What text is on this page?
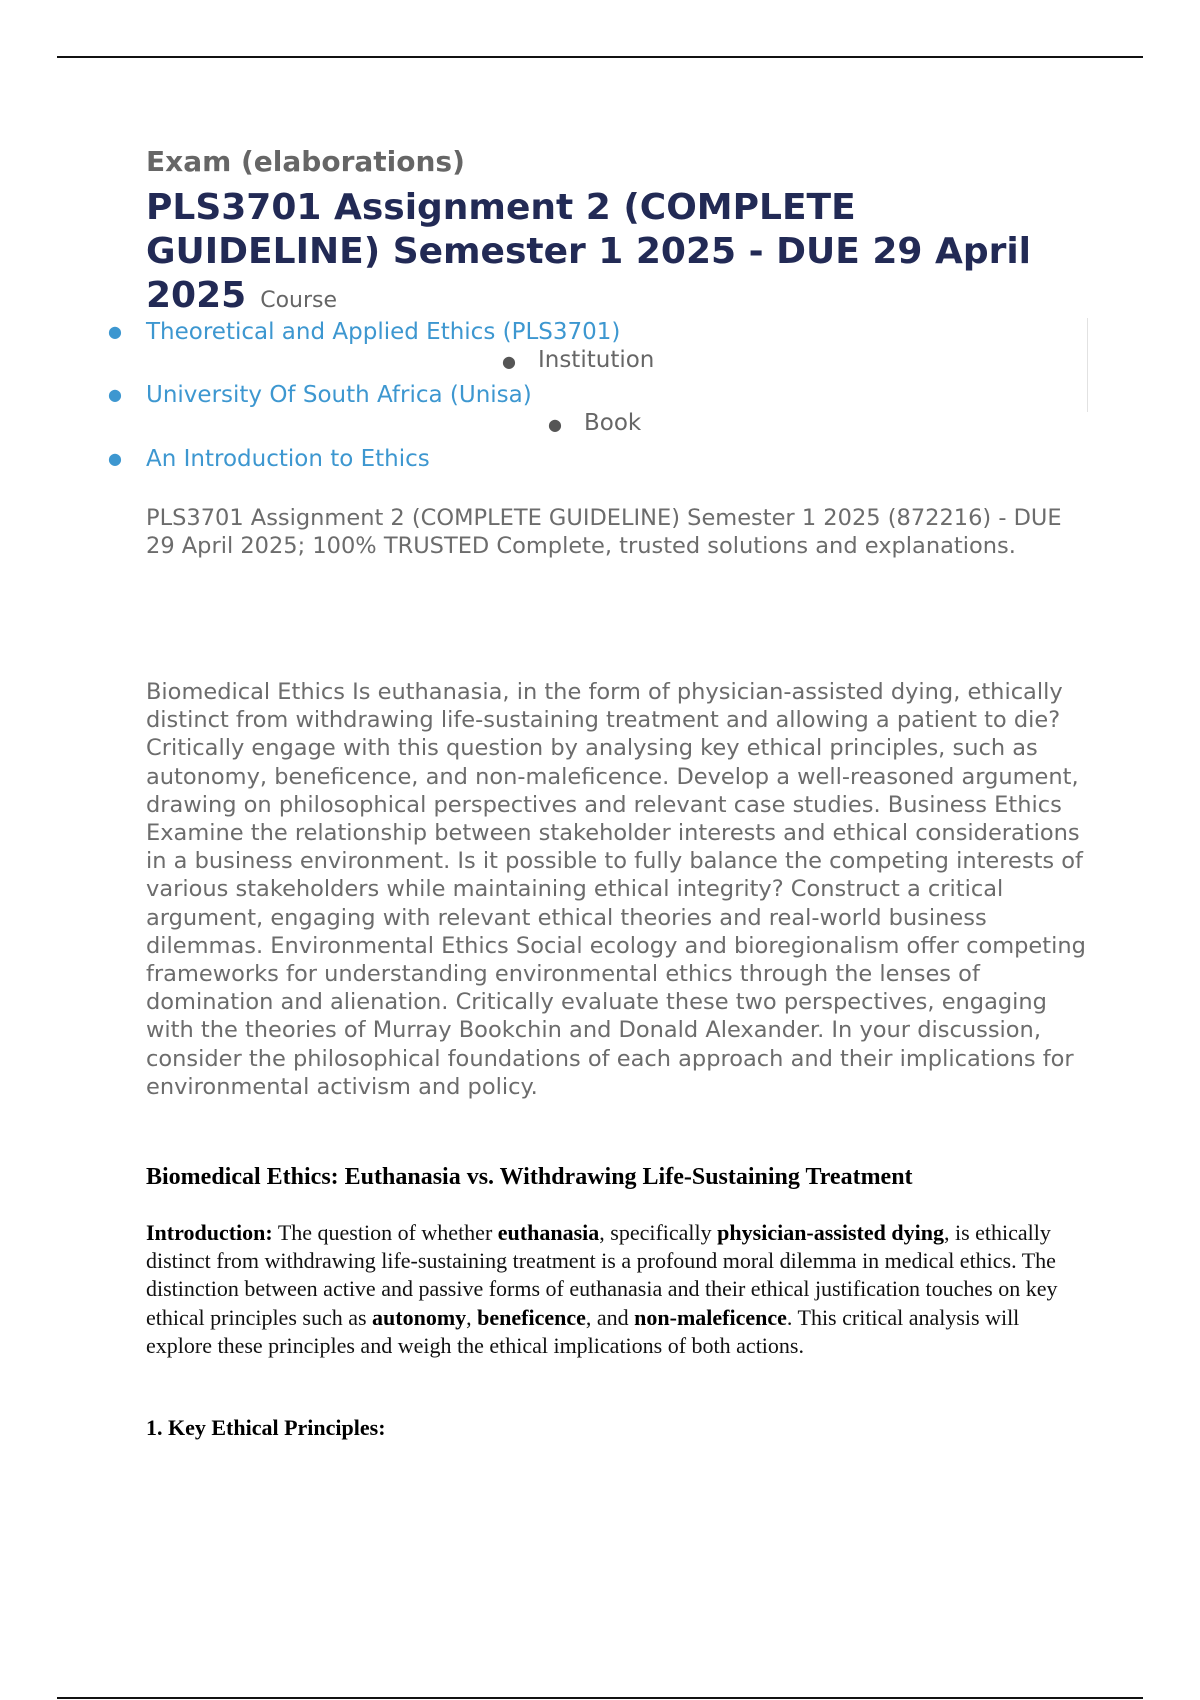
Exam (elaborations)
PLS3701 Assignment 2 (COMPLETE GUIDELINE) Semester 1 2025 - DUE 29 April 2025 Course
● Theoretical and Applied Ethics (PLS3701)
● Institution
● University Of South Africa (Unisa)
● Book
● An Introduction to Ethics

PLS3701 Assignment 2 (COMPLETE GUIDELINE) Semester 1 2025 (872216) - DUE 29 April 2025; 100% TRUSTED Complete, trusted solutions and explanations.

Biomedical Ethics Is euthanasia, in the form of physician-assisted dying, ethically distinct from withdrawing life-sustaining treatment and allowing a patient to die? Critically engage with this question by analysing key ethical principles, such as autonomy, beneficence, and non-maleficence. Develop a well-reasoned argument, drawing on philosophical perspectives and relevant case studies. Business Ethics Examine the relationship between stakeholder interests and ethical considerations in a business environment. Is it possible to fully balance the competing interests of various stakeholders while maintaining ethical integrity? Construct a critical argument, engaging with relevant ethical theories and real-world business dilemmas. Environmental Ethics Social ecology and bioregionalism offer competing frameworks for understanding environmental ethics through the lenses of domination and alienation. Critically evaluate these two perspectives, engaging with the theories of Murray Bookchin and Donald Alexander. In your discussion, consider the philosophical foundations of each approach and their implications for environmental activism and policy.

Biomedical Ethics: Euthanasia vs. Withdrawing Life-Sustaining Treatment

Introduction: The question of whether euthanasia, specifically physician-assisted dying, is ethically distinct from withdrawing life-sustaining treatment is a profound moral dilemma in medical ethics. The distinction between active and passive forms of euthanasia and their ethical justification touches on key ethical principles such as autonomy, beneficence, and non-maleficence. This critical analysis will explore these principles and weigh the ethical implications of both actions.

1. Key Ethical Principles:
